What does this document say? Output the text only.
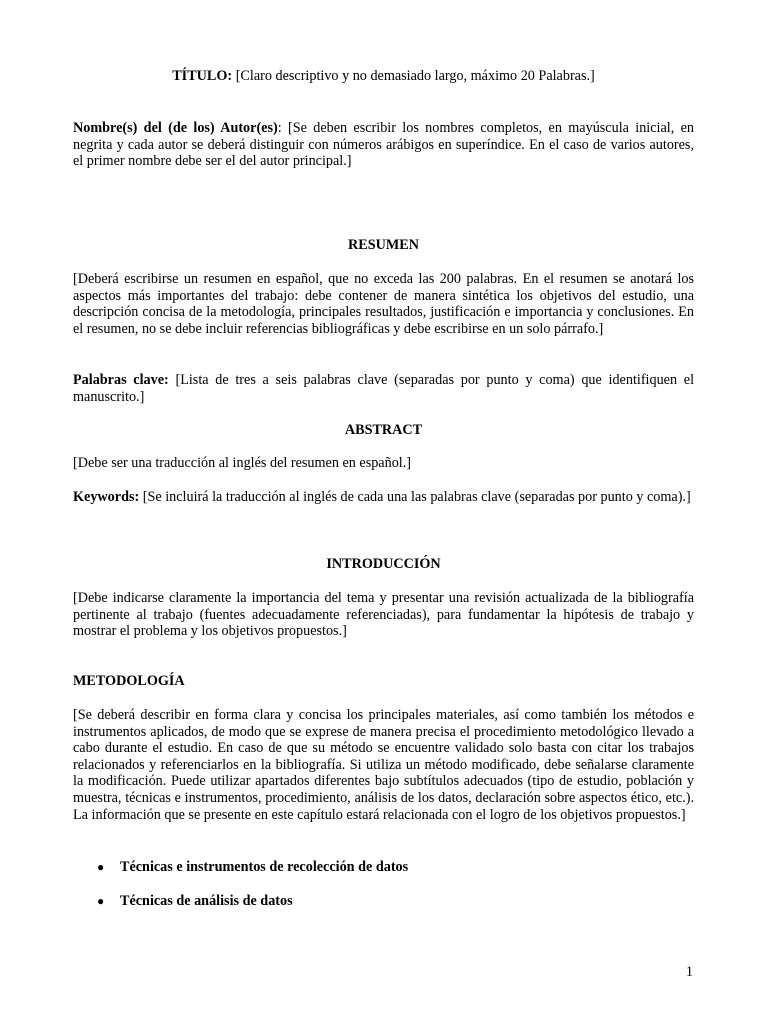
TÍTULO: [Claro descriptivo y no demasiado largo, máximo 20 Palabras.]
Nombre(s) del (de los) Autor(es): [Se deben escribir los nombres completos, en mayúscula inicial, en negrita y cada autor se deberá distinguir con números arábigos en superíndice. En el caso de varios autores, el primer nombre debe ser el del autor principal.]
RESUMEN
[Deberá escribirse un resumen en español, que no exceda las 200 palabras. En el resumen se anotará los aspectos más importantes del trabajo: debe contener de manera sintética los objetivos del estudio, una descripción concisa de la metodología, principales resultados, justificación e importancia y conclusiones. En el resumen, no se debe incluir referencias bibliográficas y debe escribirse en un solo párrafo.]
Palabras clave: [Lista de tres a seis palabras clave (separadas por punto y coma) que identifiquen el manuscrito.]
ABSTRACT
[Debe ser una traducción al inglés del resumen en español.]
Keywords: [Se incluirá la traducción al inglés de cada una las palabras clave (separadas por punto y coma).]
INTRODUCCIÓN
[Debe indicarse claramente la importancia del tema y presentar una revisión actualizada de la bibliografía pertinente al trabajo (fuentes adecuadamente referenciadas), para fundamentar la hipótesis de trabajo y mostrar el problema y los objetivos propuestos.]
METODOLOGÍA
[Se deberá describir en forma clara y concisa los principales materiales, así como también los métodos e instrumentos aplicados, de modo que se exprese de manera precisa el procedimiento metodológico llevado a cabo durante el estudio. En caso de que su método se encuentre validado solo basta con citar los trabajos relacionados y referenciarlos en la bibliografía. Si utiliza un método modificado, debe señalarse claramente la modificación. Puede utilizar apartados diferentes bajo subtítulos adecuados (tipo de estudio, población y muestra, técnicas e instrumentos, procedimiento, análisis de los datos, declaración sobre aspectos ético, etc.). La información que se presente en este capítulo estará relacionada con el logro de los objetivos propuestos.]
● Técnicas e instrumentos de recolección de datos
● Técnicas de análisis de datos
1
